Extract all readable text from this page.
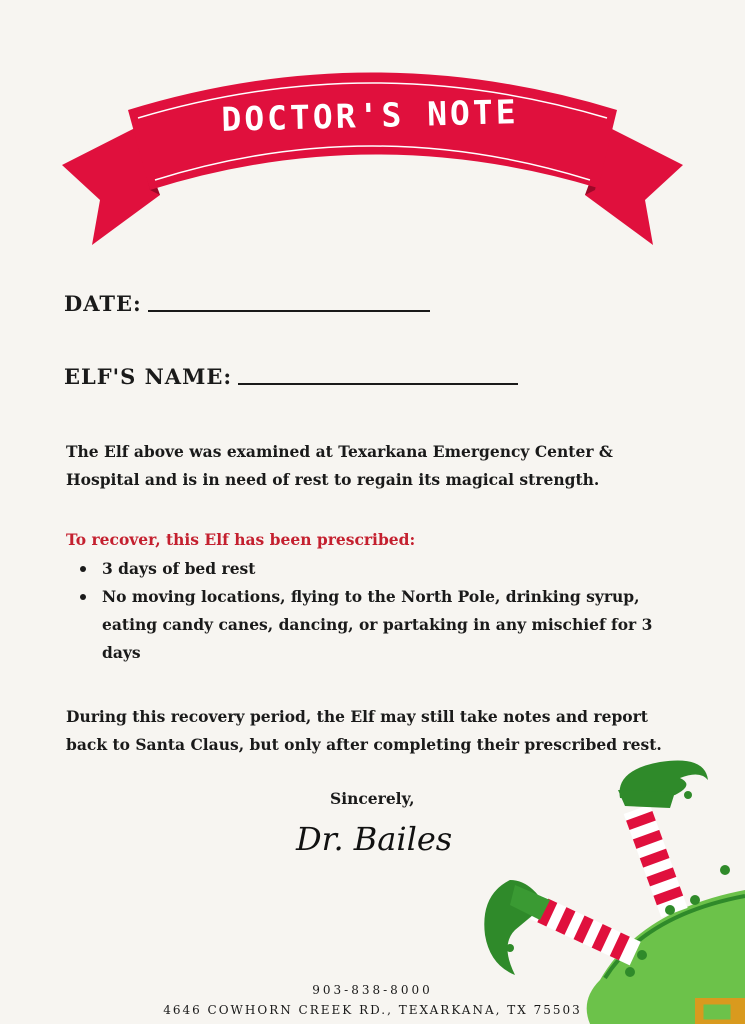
DOCTOR'S NOTE
DATE:
ELF'S NAME:
The Elf above was examined at Texarkana Emergency Center & Hospital and is in need of rest to regain its magical strength.
To recover, this Elf has been prescribed:
3 days of bed rest
No moving locations, flying to the North Pole, drinking syrup, eating candy canes, dancing, or partaking in any mischief for 3 days
During this recovery period, the Elf may still take notes and report back to Santa Claus, but only after completing their prescribed rest.
Sincerely,
Dr. Bailes
903-838-8000
4646 COWHORN CREEK RD., TEXARKANA, TX 75503
